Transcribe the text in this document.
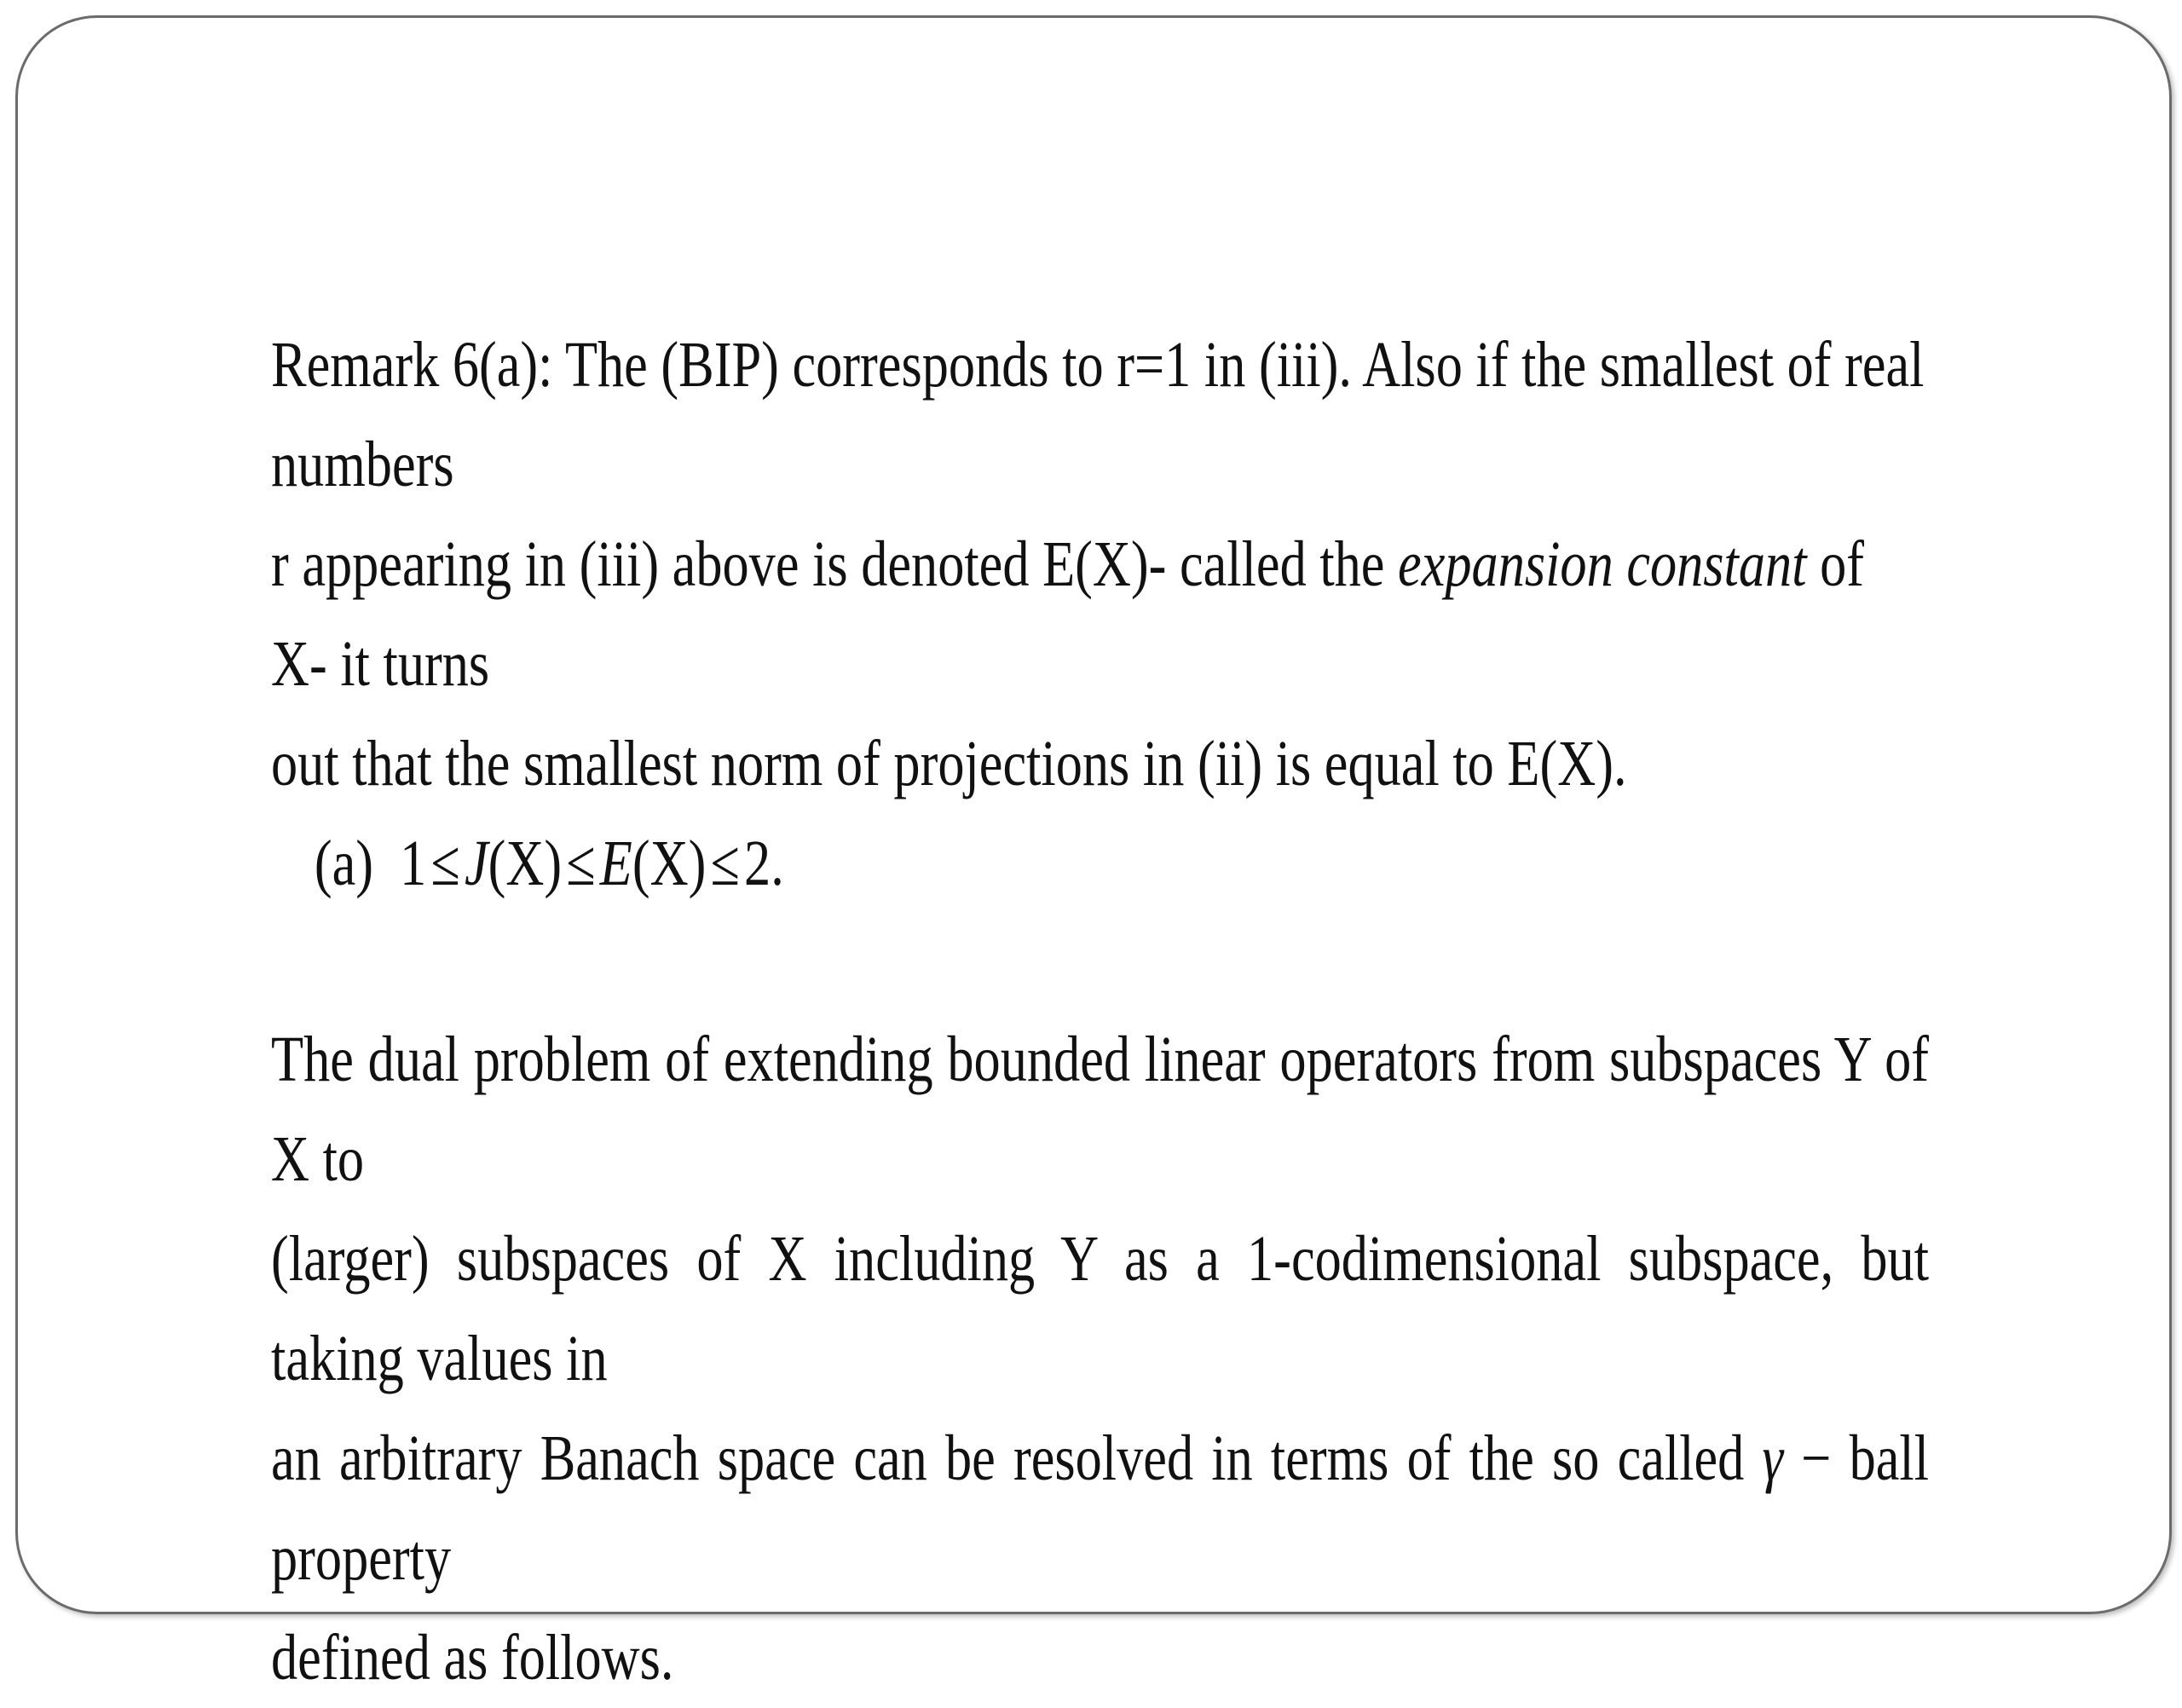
Remark 6(a): The (BIP) corresponds to r=1 in (iii). Also if the smallest of real numbers

r appearing in (iii) above is denoted E(X)- called the expansion constant of X- it turns

out that the smallest norm of projections in (ii) is equal to E(X).

(a) 1 ≤ J(X) ≤ E(X) ≤ 2.

The dual problem of extending bounded linear operators from subspaces Y of X to

(larger) subspaces of X including Y as a 1-codimensional subspace, but taking values in

an arbitrary Banach space can be resolved in terms of the so called γ − ball property

defined as follows.
